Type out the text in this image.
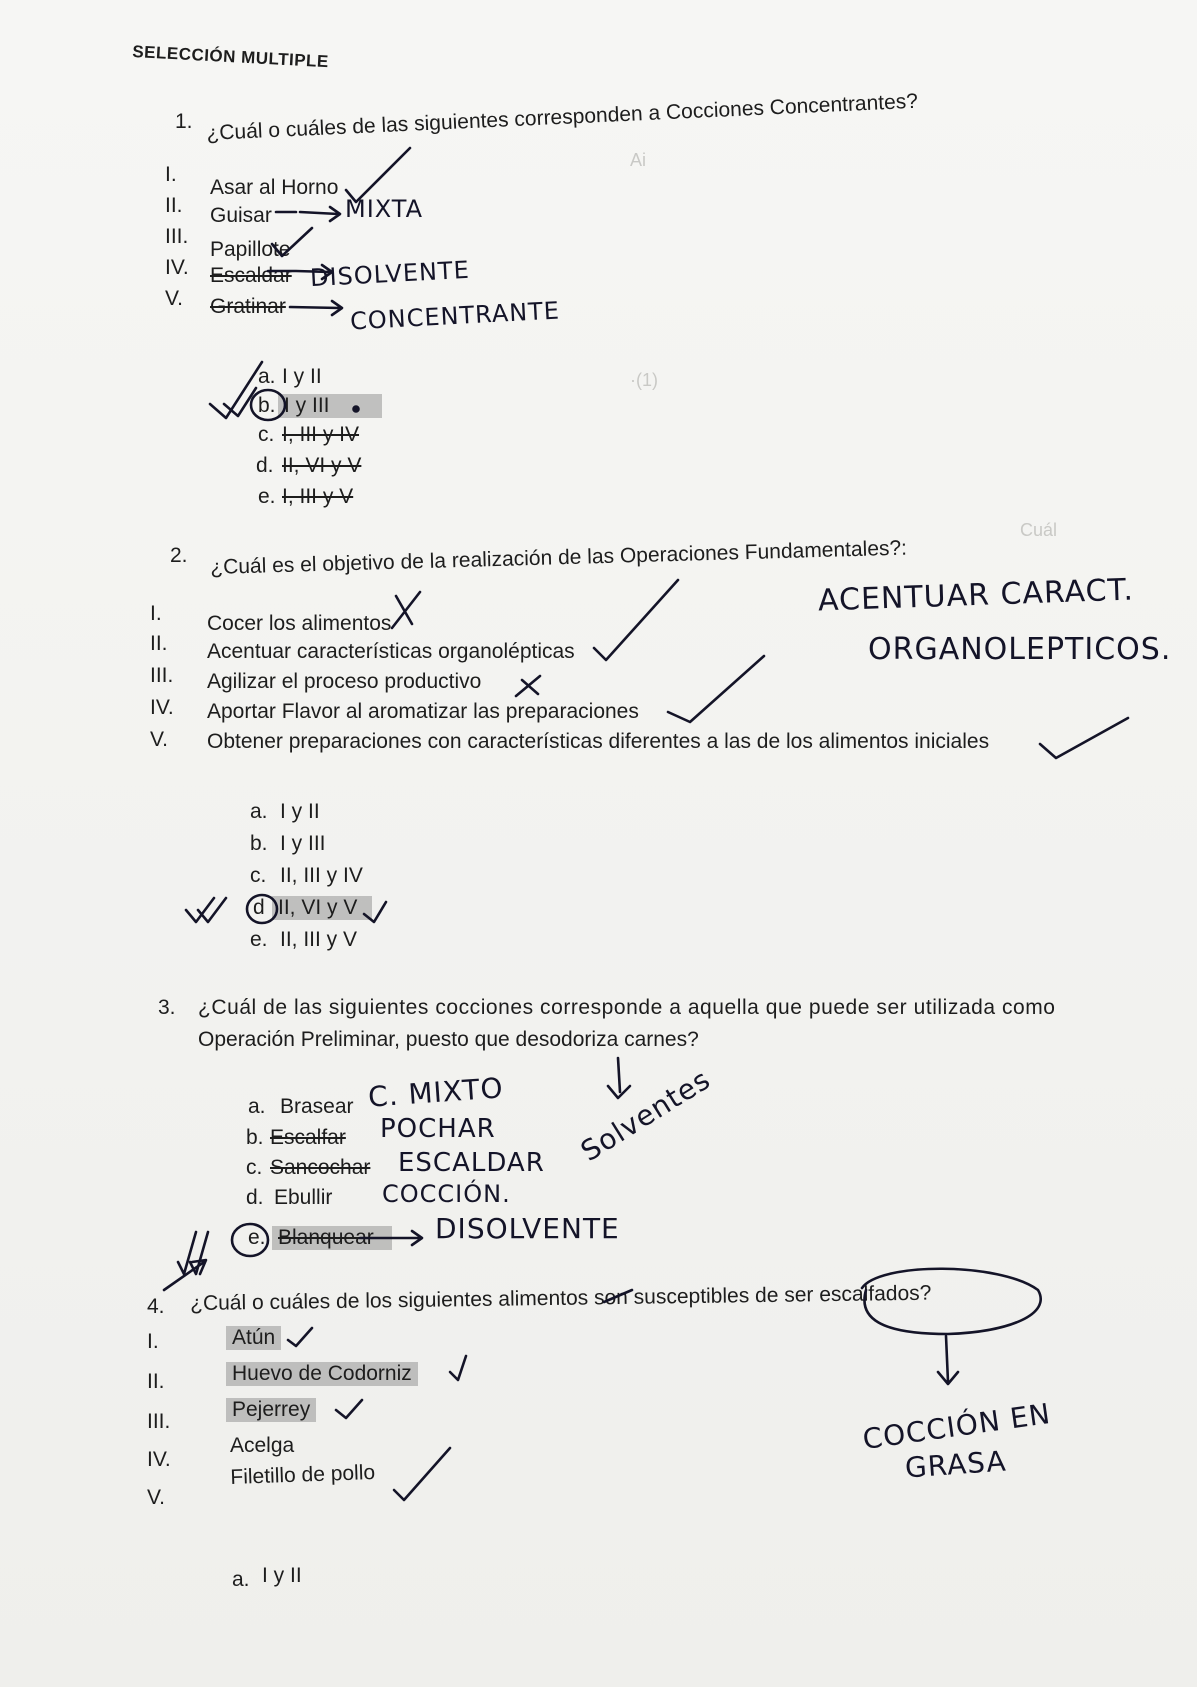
Ai
·(1)
Cuál
SELECCIÓN MULTIPLE
1. ¿Cuál o cuáles de las siguientes corresponden a Cocciones Concentrantes?
I.
Asar al Horno
II. Guisar
III.
Papillote
IV. Escaldar
V. Gratinar
MIXTA
DISOLVENTE
CONCENTRANTE
a. I y II
b. I y III
c. I, III y IV
d. II, VI y V
e. I, III y V
2. ¿Cuál es el objetivo de la realización de las Operaciones Fundamentales?:
I. Cocer los alimentos
II. Acentuar características organolépticas
III. Agilizar el proceso productivo
IV. Aportar Flavor al aromatizar las preparaciones
V. Obtener preparaciones con características diferentes a las de los alimentos iniciales
ACENTUAR CARACT.
ORGANOLEPTICOS.
a. I y II
b. I y III
c. II, III y IV
d II, VI y V
e. II, III y V
3. ¿Cuál de las siguientes cocciones corresponde a aquella que puede ser utilizada como
Operación Preliminar, puesto que desodoriza carnes?
a. Brasear
b. Escalfar
c. Sancochar
d. Ebullir
e. Blanquear
C. MIXTO
POCHAR
ESCALDAR
COCCIÓN.
DISOLVENTE
Solventes
4. ¿Cuál o cuáles de los siguientes alimentos son susceptibles de ser escalfados?
I.	Atún
II.	Huevo de Codorniz
III.
Pejerrey
IV.
Acelga
V.
Filetillo de pollo
COCCIÓN EN
GRASA
a. I y II
